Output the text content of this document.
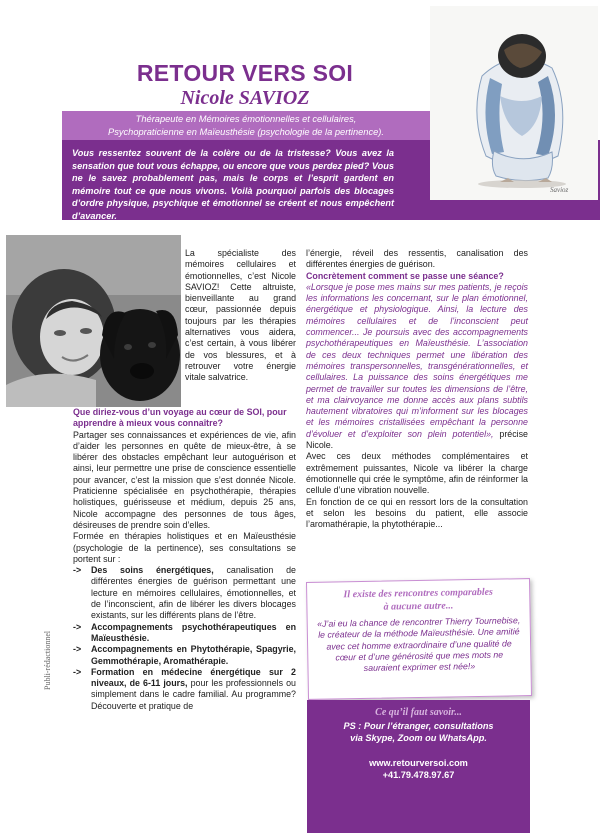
RETOUR VERS SOI
Nicole SAVIOZ
Thérapeute en Mémoires émotionnelles et cellulaires,
Psychopraticienne en Maïeusthésie (psychologie de la pertinence).

Vous ressentez souvent de la colère ou de la tristesse? Vous avez la sensation que tout vous échappe, ou encore que vous perdez pied? Vous ne le savez probablement pas, mais le corps et l’esprit gardent en mémoire tout ce que nous vivons. Voilà pourquoi parfois des blocages d’ordre physique, psychique et émotionnel se créent et nous empêchent d’avancer.

Savioz

La spécialiste des mémoires cellulaires et émotionnelles, c’est Nicole SAVIOZ! Cette altruiste, bienveillante au grand cœur, passionnée depuis toujours par les thérapies alternatives vous aidera, c’est certain, à vous libérer de vos blessures, et à retrouver votre énergie vitale salvatrice.

Que diriez-vous d’un voyage au cœur de SOI, pour apprendre à mieux vous connaître?

Partager ses connaissances et expériences de vie, afin d’aider les personnes en quête de mieux-être, à se libérer des obstacles empêchant leur autoguérison et ainsi, leur permettre une prise de conscience essentielle pour avancer, c’est la mission que s’est donnée Nicole. Praticienne spécialisée en psychothérapie, thérapies holistiques, guérisseuse et médium, depuis 25 ans, Nicole accompagne des personnes de tous âges, désireuses de prendre soin d’elles.

Formée en thérapies holistiques et en Maïeusthésie (psychologie de la pertinence), ses consultations se portent sur :

->	Des soins énergétiques, canalisation de différentes énergies de guérison permettant une lecture en mémoires cellulaires, émotionnelles, et de l’inconscient, afin de libérer les divers blocages existants, sur les différents plans de l’être.
->	Accompagnements psychothérapeutiques en Maïeusthésie.
->	Accompagnements en Phytothérapie, Spagyrie, Gemmothérapie, Aromathérapie.
->	Formation en médecine énergétique sur 2 niveaux, de 6-11 jours, pour les professionnels ou simplement dans le cadre familial. Au programme? Découverte et pratique de

l’énergie, réveil des ressentis, canalisation des différentes énergies de guérison.

Concrètement comment se passe une séance?

«Lorsque je pose mes mains sur mes patients, je reçois les informations les concernant, sur le plan émotionnel, énergétique et physiologique. Ainsi, la lecture des mémoires cellulaires et de l’inconscient peut commencer... Je poursuis avec des accompagnements psychothérapeutiques en Maïeusthésie. L’association de ces deux techniques permet une libération des mémoires transpersonnelles, transgénérationnelles, et cellulaires. La puissance des soins énergétiques me permet de travailler sur toutes les dimensions de l’être, et ma clairvoyance me donne accès aux plans subtils hautement vibratoires qui m’informent sur les blocages et les mémoires cristallisées empêchant la personne d’évoluer et d’exploiter son plein potentiel», précise Nicole.

Avec ces deux méthodes complémentaires et extrêmement puissantes, Nicole va libérer la charge émotionnelle qui crée le symptôme, afin de réinformer la cellule d’une vibration nouvelle.

En fonction de ce qui en ressort lors de la consultation et selon les besoins du patient, elle associe l’aromathérapie, la phytothérapie...

Publi-rédactionnel
Il existe des rencontres comparables
à aucune autre...

«J’ai eu la chance de rencontrer Thierry Tournebise, le créateur de la méthode Maïeusthésie. Une amitié avec cet homme extraordinaire d’une qualité de cœur et d’une générosité que mes mots ne sauraient exprimer est née!»

Ce qu’il faut savoir...
PS : Pour l’étranger, consultations
via Skype, Zoom ou WhatsApp.
www.retourversoi.com
+41.79.478.97.67
